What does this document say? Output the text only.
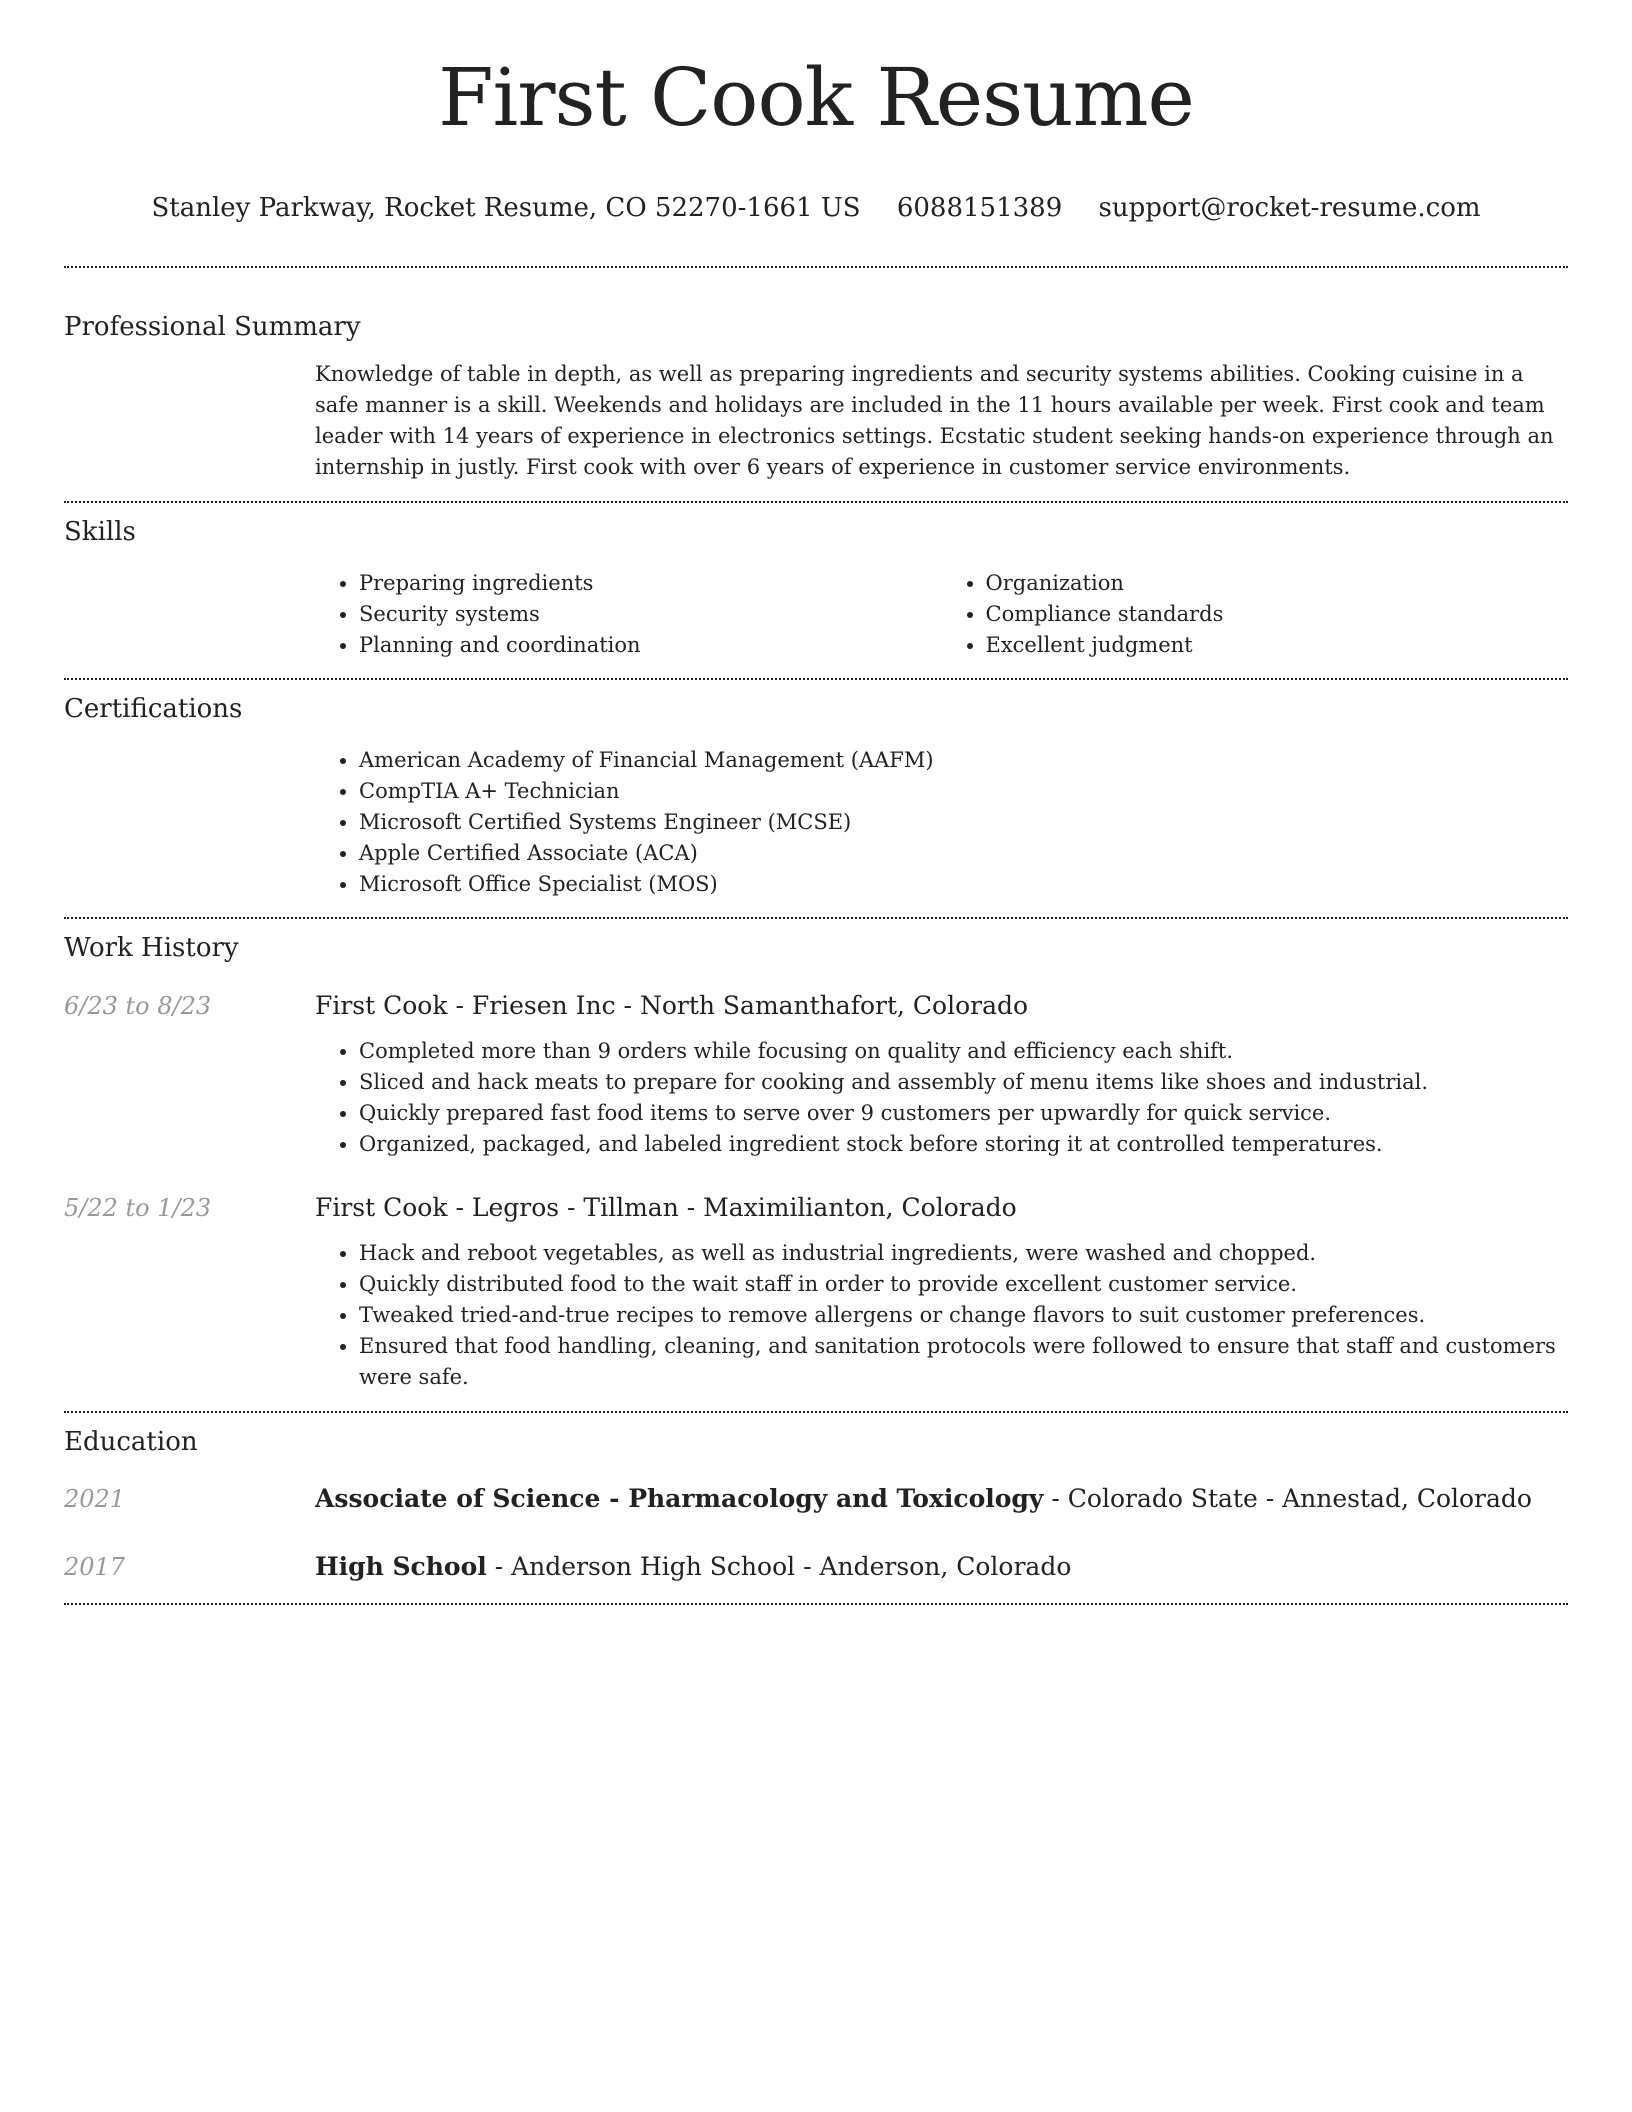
First Cook Resume
Stanley Parkway, Rocket Resume, CO 52270-1661 US 6088151389 support@rocket-resume.com
Professional Summary

Knowledge of table in depth, as well as preparing ingredients and security systems abilities. Cooking cuisine in a safe manner is a skill. Weekends and holidays are included in the 11 hours available per week. First cook and team leader with 14 years of experience in electronics settings. Ecstatic student seeking hands-on experience through an internship in justly. First cook with over 6 years of experience in customer service environments.

Skills
• Preparing ingredients
• Security systems
• Planning and coordination
• Organization
• Compliance standards
• Excellent judgment
Certifications
• American Academy of Financial Management (AAFM)
• CompTIA A+ Technician
• Microsoft Certified Systems Engineer (MCSE)
• Apple Certified Associate (ACA)
• Microsoft Office Specialist (MOS)
Work History
6/23 to 8/23	First Cook - Friesen Inc - North Samanthafort, Colorado
• Completed more than 9 orders while focusing on quality and efficiency each shift.
• Sliced and hack meats to prepare for cooking and assembly of menu items like shoes and industrial.
• Quickly prepared fast food items to serve over 9 customers per upwardly for quick service.
• Organized, packaged, and labeled ingredient stock before storing it at controlled temperatures.
5/22 to 1/23	First Cook - Legros - Tillman - Maximilianton, Colorado
• Hack and reboot vegetables, as well as industrial ingredients, were washed and chopped.
• Quickly distributed food to the wait staff in order to provide excellent customer service.
• Tweaked tried-and-true recipes to remove allergens or change flavors to suit customer preferences.
• Ensured that food handling, cleaning, and sanitation protocols were followed to ensure that staff and customers were safe.
Education
2021	Associate of Science - Pharmacology and Toxicology - Colorado State - Annestad, Colorado
2017	High School - Anderson High School - Anderson, Colorado
